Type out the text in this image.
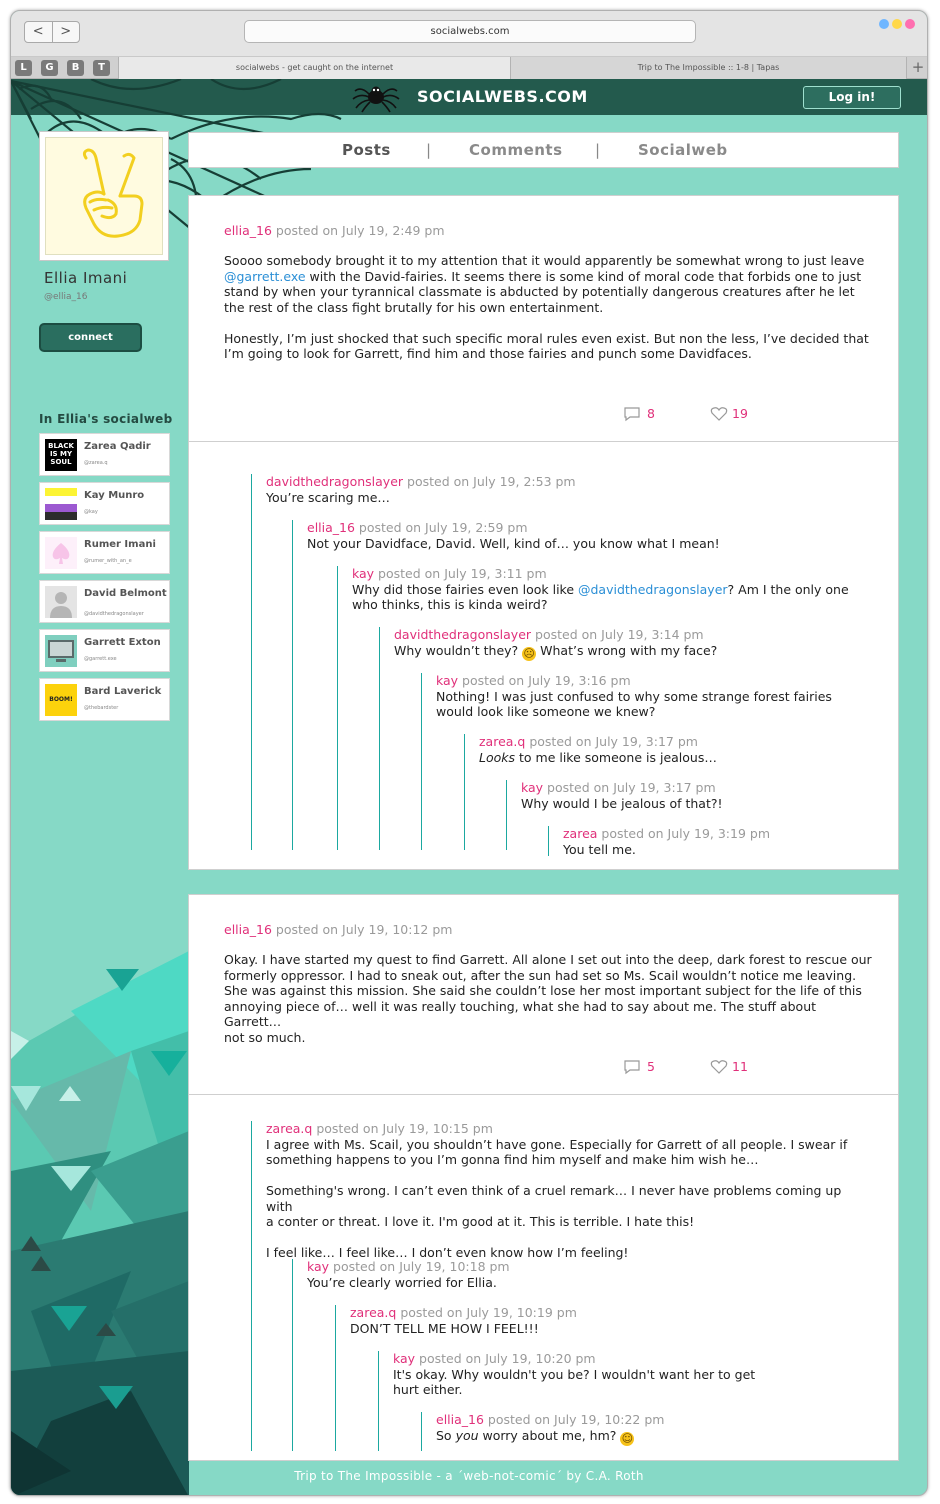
<	>	socialwebs.com
L	G	B	T	socialwebs - get caught on the internet	Trip to The Impossible :: 1-8 | Tapas	+
SOCIALWEBS.COM	Log in!
Ellia Imani
@ellia_16
connect
In Ellia's socialweb
BLACK IS MY SOUL
Zarea Qadir
@zarea.q
Kay Munro
@kay
Rumer Imani
@rumer_with_an_e
David Belmont
@davidthedragonslayer
Garrett Exton
@garrett.exe
BOOM!
Bard Laverick
@thebardster
Posts |	Comments |	Socialweb
ellia_16 posted on July 19, 2:49 pm
Soooo somebody brought it to my attention that it would apparently be somewhat wrong to just leave
@garrett.exe with the David-fairies. It seems there is some kind of moral code that forbids one to just
stand by when your tyrannical classmate is abducted by potentially dangerous creatures after he let
the rest of the class fight brutally for his own entertainment.

Honestly, I’m just shocked that such specific moral rules even exist. But non the less, I’ve decided that
I’m going to look for Garrett, find him and those fairies and punch some Davidfaces.
8	19
davidthedragonslayer posted on July 19, 2:53 pm
You’re scaring me…
ellia_16 posted on July 19, 2:59 pm
Not your Davidface, David. Well, kind of… you know what I mean!
kay posted on July 19, 3:11 pm
Why did those fairies even look like @davidthedragonslayer? Am I the only one
who thinks, this is kinda weird?
davidthedragonslayer posted on July 19, 3:14 pm
Why wouldn’t they? ☹ What’s wrong with my face?
kay posted on July 19, 3:16 pm
Nothing! I was just confused to why some strange forest fairies
would look like someone we knew?
zarea.q posted on July 19, 3:17 pm
Looks to me like someone is jealous…
kay posted on July 19, 3:17 pm
Why would I be jealous of that?!
zarea posted on July 19, 3:19 pm
You tell me.
ellia_16 posted on July 19, 10:12 pm
Okay. I have started my quest to find Garrett. All alone I set out into the deep, dark forest to rescue our
formerly oppressor. I had to sneak out, after the sun had set so Ms. Scail wouldn’t notice me leaving.
She was against this mission. She said she couldn’t lose her most important subject for the life of this
annoying piece of… well it was really touching, what she had to say about me. The stuff about Garrett…
not so much.
5	11
zarea.q posted on July 19, 10:15 pm
I agree with Ms. Scail, you shouldn’t have gone. Especially for Garrett of all people. I swear if
something happens to you I’m gonna find him myself and make him wish he…

Something's wrong. I can’t even think of a cruel remark… I never have problems coming up with
a conter or threat. I love it. I'm good at it. This is terrible. I hate this!

I feel like… I feel like… I don’t even know how I’m feeling!
kay posted on July 19, 10:18 pm
You’re clearly worried for Ellia.
zarea.q posted on July 19, 10:19 pm
DON’T TELL ME HOW I FEEL!!!
kay posted on July 19, 10:20 pm
It's okay. Why wouldn't you be? I wouldn't want her to get
hurt either.
ellia_16 posted on July 19, 10:22 pm
So you worry about me, hm? ☺
Trip to The Impossible - a ´web-not-comic´ by C.A. Roth
